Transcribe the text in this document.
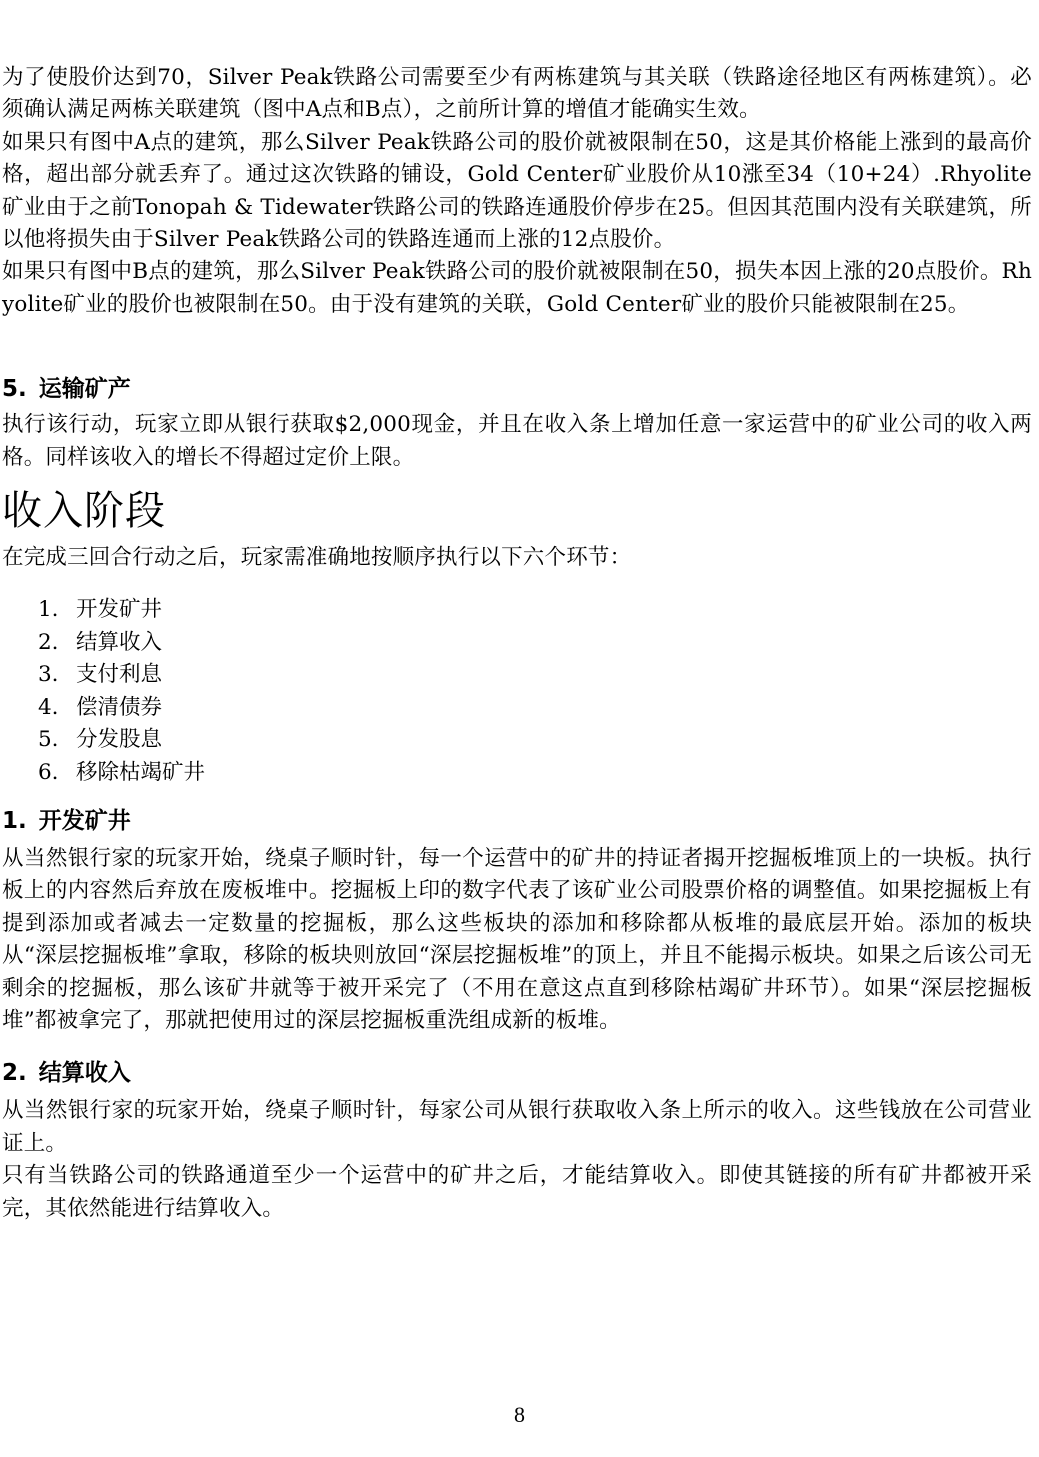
为了使股价达到70，Silver Peak铁路公司需要至少有两栋建筑与其关联（铁路途径地区有两栋建筑）。必须确认满足两栋关联建筑（图中A点和B点），之前所计算的增值才能确实生效。

如果只有图中A点的建筑，那么Silver Peak铁路公司的股价就被限制在50，这是其价格能上涨到的最高价格，超出部分就丢弃了。通过这次铁路的铺设，Gold Center矿业股价从10涨至34（10+24）.Rhyolite矿业由于之前Tonopah & Tidewater铁路公司的铁路连通股价停步在25。但因其范围内没有关联建筑，所以他将损失由于Silver Peak铁路公司的铁路连通而上涨的12点股价。

如果只有图中B点的建筑，那么Silver Peak铁路公司的股价就被限制在50，损失本因上涨的20点股价。Rhyolite矿业的股价也被限制在50。由于没有建筑的关联，Gold Center矿业的股价只能被限制在25。

5. 运输矿产

执行该行动，玩家立即从银行获取$2,000现金，并且在收入条上增加任意一家运营中的矿业公司的收入两格。同样该收入的增长不得超过定价上限。

收入阶段

在完成三回合行动之后，玩家需准确地按顺序执行以下六个环节：

1. 开发矿井
2. 结算收入
3. 支付利息
4. 偿清债券
5. 分发股息
6. 移除枯竭矿井
1. 开发矿井

从当然银行家的玩家开始，绕桌子顺时针，每一个运营中的矿井的持证者揭开挖掘板堆顶上的一块板。执行板上的内容然后弃放在废板堆中。挖掘板上印的数字代表了该矿业公司股票价格的调整值。如果挖掘板上有提到添加或者减去一定数量的挖掘板，那么这些板块的添加和移除都从板堆的最底层开始。添加的板块从“深层挖掘板堆”拿取，移除的板块则放回“深层挖掘板堆”的顶上，并且不能揭示板块。如果之后该公司无剩余的挖掘板，那么该矿井就等于被开采完了（不用在意这点直到移除枯竭矿井环节）。如果“深层挖掘板堆”都被拿完了，那就把使用过的深层挖掘板重洗组成新的板堆。

2. 结算收入

从当然银行家的玩家开始，绕桌子顺时针，每家公司从银行获取收入条上所示的收入。这些钱放在公司营业证上。

只有当铁路公司的铁路通道至少一个运营中的矿井之后，才能结算收入。即使其链接的所有矿井都被开采完，其依然能进行结算收入。

8
